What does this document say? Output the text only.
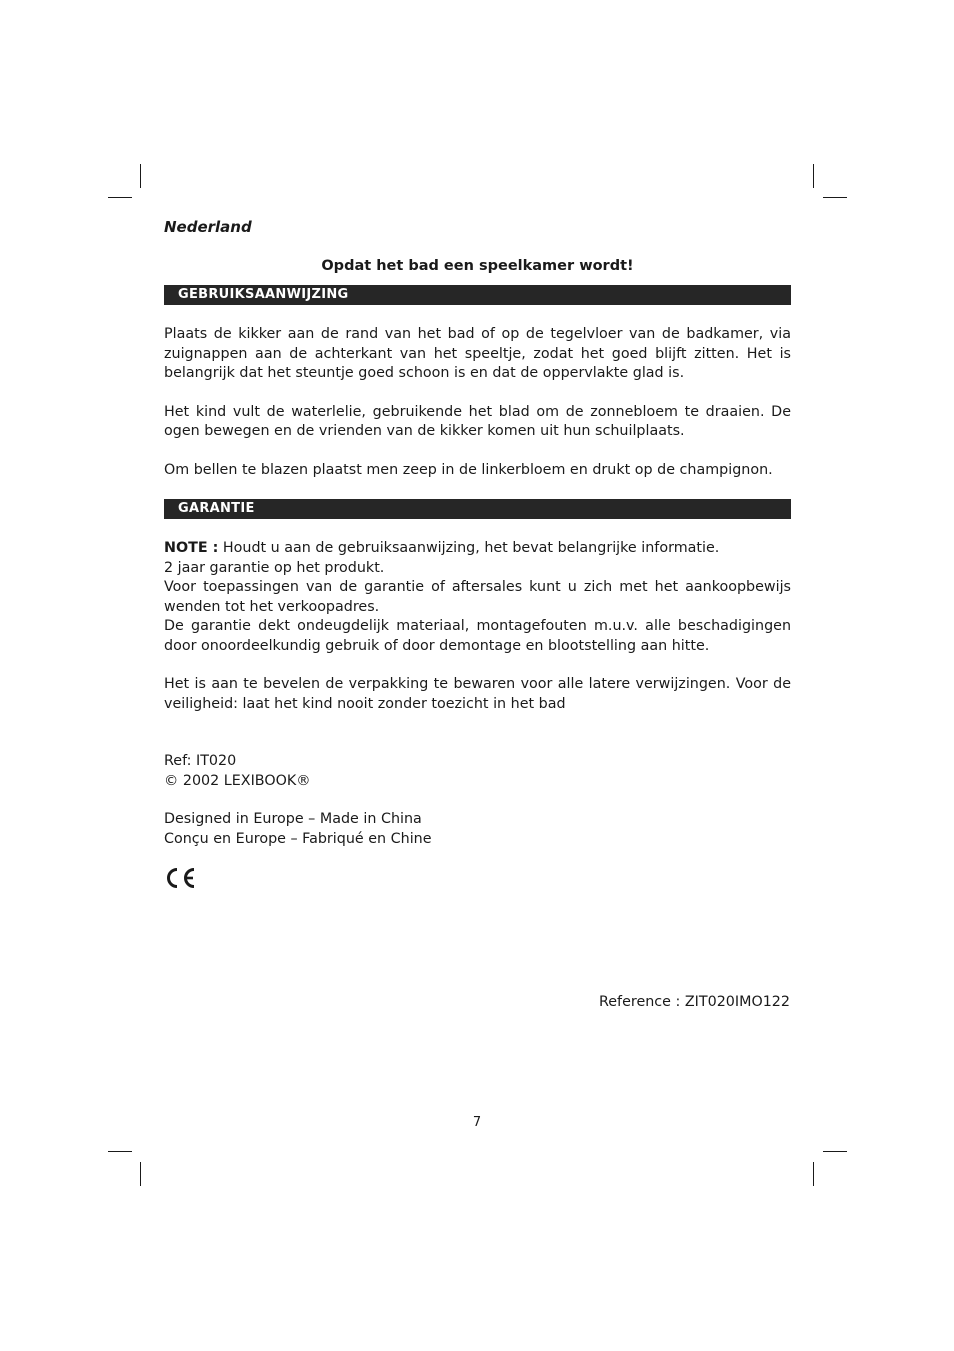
Nederland

Opdat het bad een speelkamer wordt!

GEBRUIKSAANWIJZING

Plaats de kikker aan de rand van het bad of op de tegelvloer van de badkamer, via zuignappen aan de achterkant van het speeltje, zodat het goed blijft zitten. Het is belangrijk dat het steuntje goed schoon is en dat de oppervlakte glad is.

Het kind vult de waterlelie, gebruikende het blad om de zonnebloem te draaien. De ogen bewegen en de vrienden van de kikker komen uit hun schuilplaats.

Om bellen te blazen plaatst men zeep in de linkerbloem en drukt op de champignon.

GARANTIE

NOTE : Houdt u aan de gebruiksaanwijzing, het bevat belangrijke informatie.
2 jaar garantie op het produkt.
Voor toepassingen van de garantie of aftersales kunt u zich met het aankoopbewijs wenden tot het verkoopadres.
De garantie dekt ondeugdelijk materiaal, montagefouten m.u.v. alle beschadigingen door onoordeelkundig gebruik of door demontage en blootstelling aan hitte.

Het is aan te bevelen de verpakking te bewaren voor alle latere verwijzingen. Voor de veiligheid: laat het kind nooit zonder toezicht in het bad

Ref: IT020
© 2002 LEXIBOOK®
Designed in Europe – Made in China
Conçu en Europe – Fabriqué en Chine
Reference : ZIT020IMO122
7
